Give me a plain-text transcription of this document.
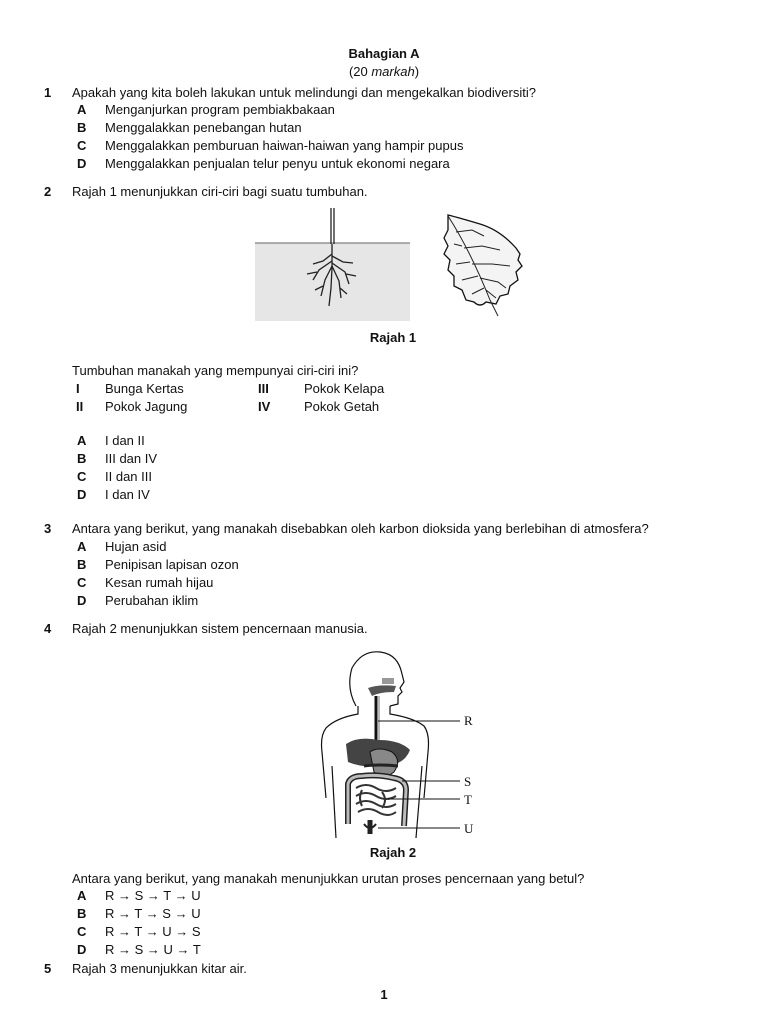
Bahagian A
(20 markah)
1 Apakah yang kita boleh lakukan untuk melindungi dan mengekalkan biodiversiti?
A Menganjurkan program pembiakbakaan
B Menggalakkan penebangan hutan
C Menggalakkan pemburuan haiwan-haiwan yang hampir pupus
D Menggalakkan penjualan telur penyu untuk ekonomi negara
2 Rajah 1 menunjukkan ciri-ciri bagi suatu tumbuhan.
Rajah 1
Tumbuhan manakah yang mempunyai ciri-ciri ini?
I Bunga Kertas	III	Pokok Kelapa
II Pokok Jagung	IV	Pokok Getah
A I dan II
B III dan IV
C II dan III
D I dan IV
3 Antara yang berikut, yang manakah disebabkan oleh karbon dioksida yang berlebihan di atmosfera?
A Hujan asid
B Penipisan lapisan ozon
C Kesan rumah hijau
D Perubahan iklim
4 Rajah 2 menunjukkan sistem pencernaan manusia.
R
S
T
U
Rajah 2
Antara yang berikut, yang manakah menunjukkan urutan proses pencernaan yang betul?
A R → S → T → U
B R → T → S → U
C R → T → U → S
D R → S → U → T
5 Rajah 3 menunjukkan kitar air.
1
